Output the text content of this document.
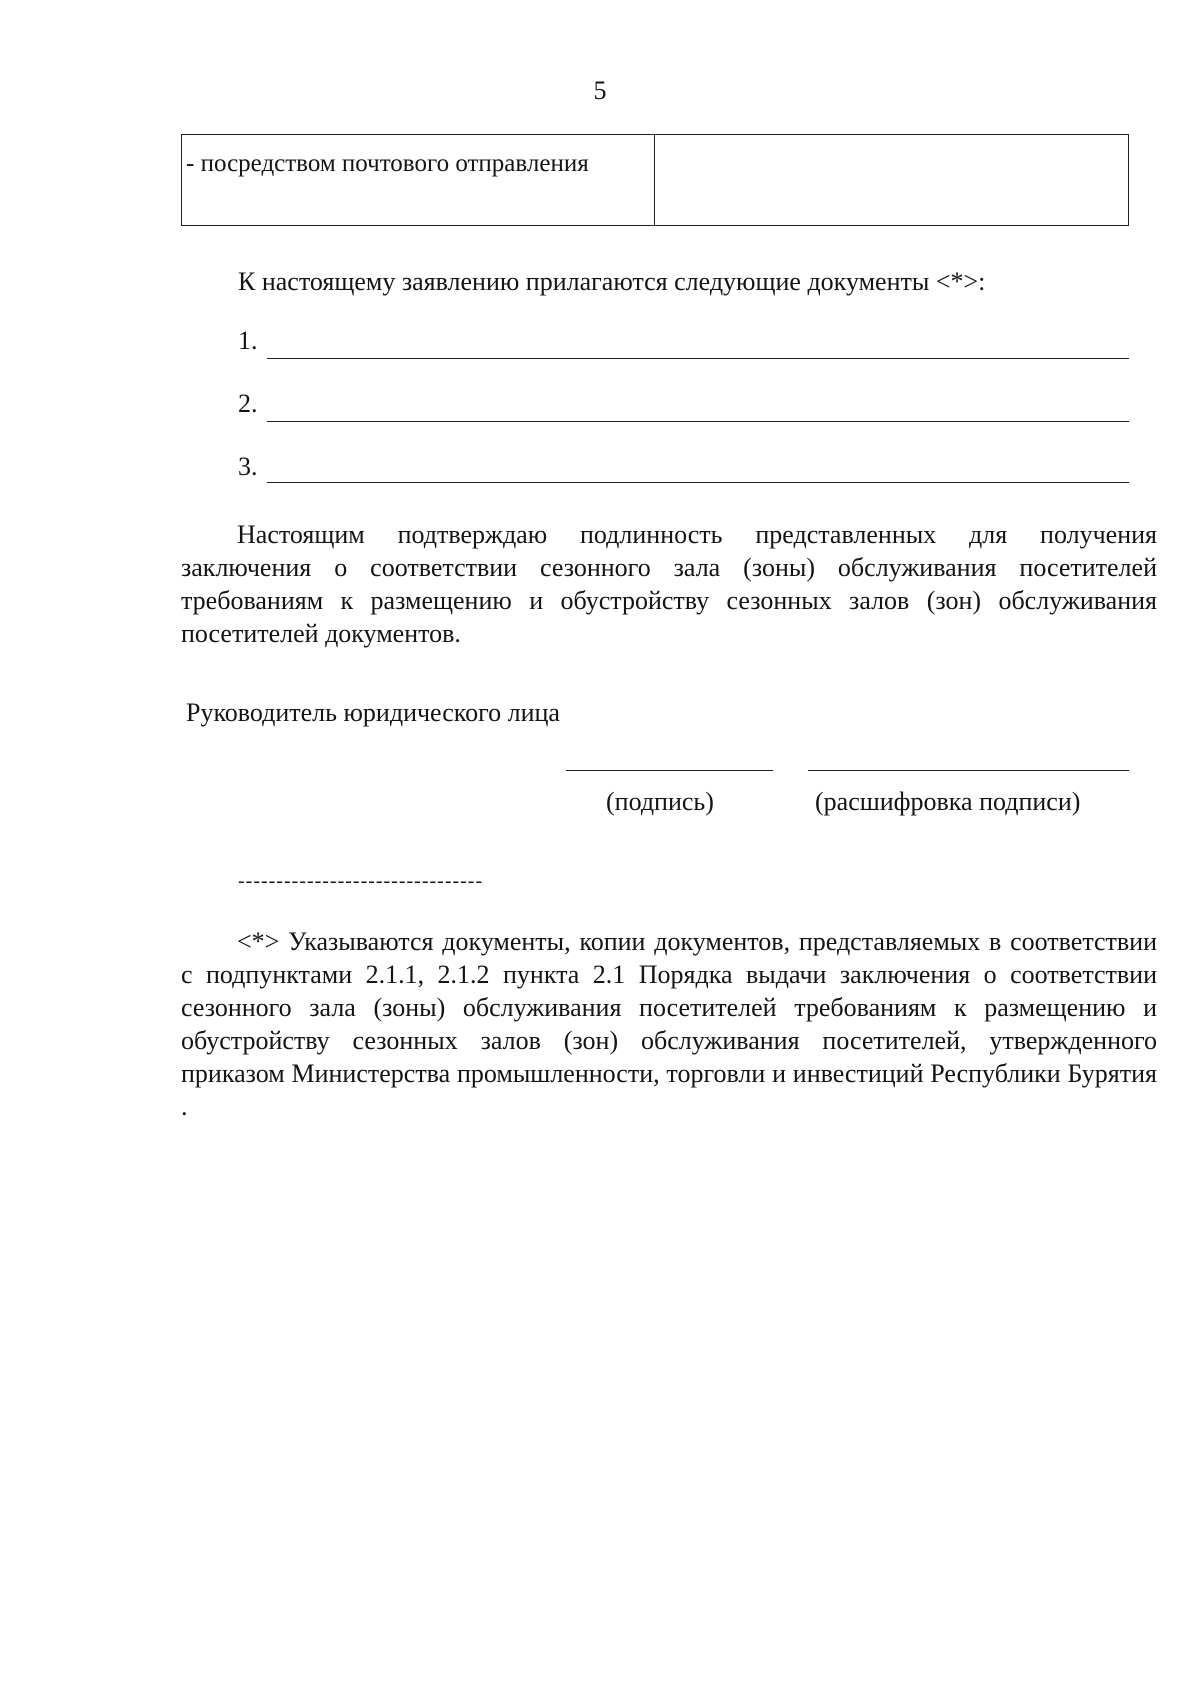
5
- посредством почтового отправления
К настоящему заявлению прилагаются следующие документы <*>:
1.
2.
3.
Настоящим подтверждаю подлинность представленных для получения заключения о соответствии сезонного зала (зоны) обслуживания посетителей требованиям к размещению и обустройству сезонных залов (зон) обслуживания посетителей документов.
Руководитель юридического лица
(подпись)	(расшифровка подписи)
--------------------------------
<*> Указываются документы, копии документов, представляемых в соответствии с подпунктами 2.1.1, 2.1.2 пункта 2.1 Порядка выдачи заключения о соответствии сезонного зала (зоны) обслуживания посетителей требованиям к размещению и обустройству сезонных залов (зон) обслуживания посетителей, утвержденного приказом Министерства промышленности, торговли и инвестиций Республики Бурятия .
